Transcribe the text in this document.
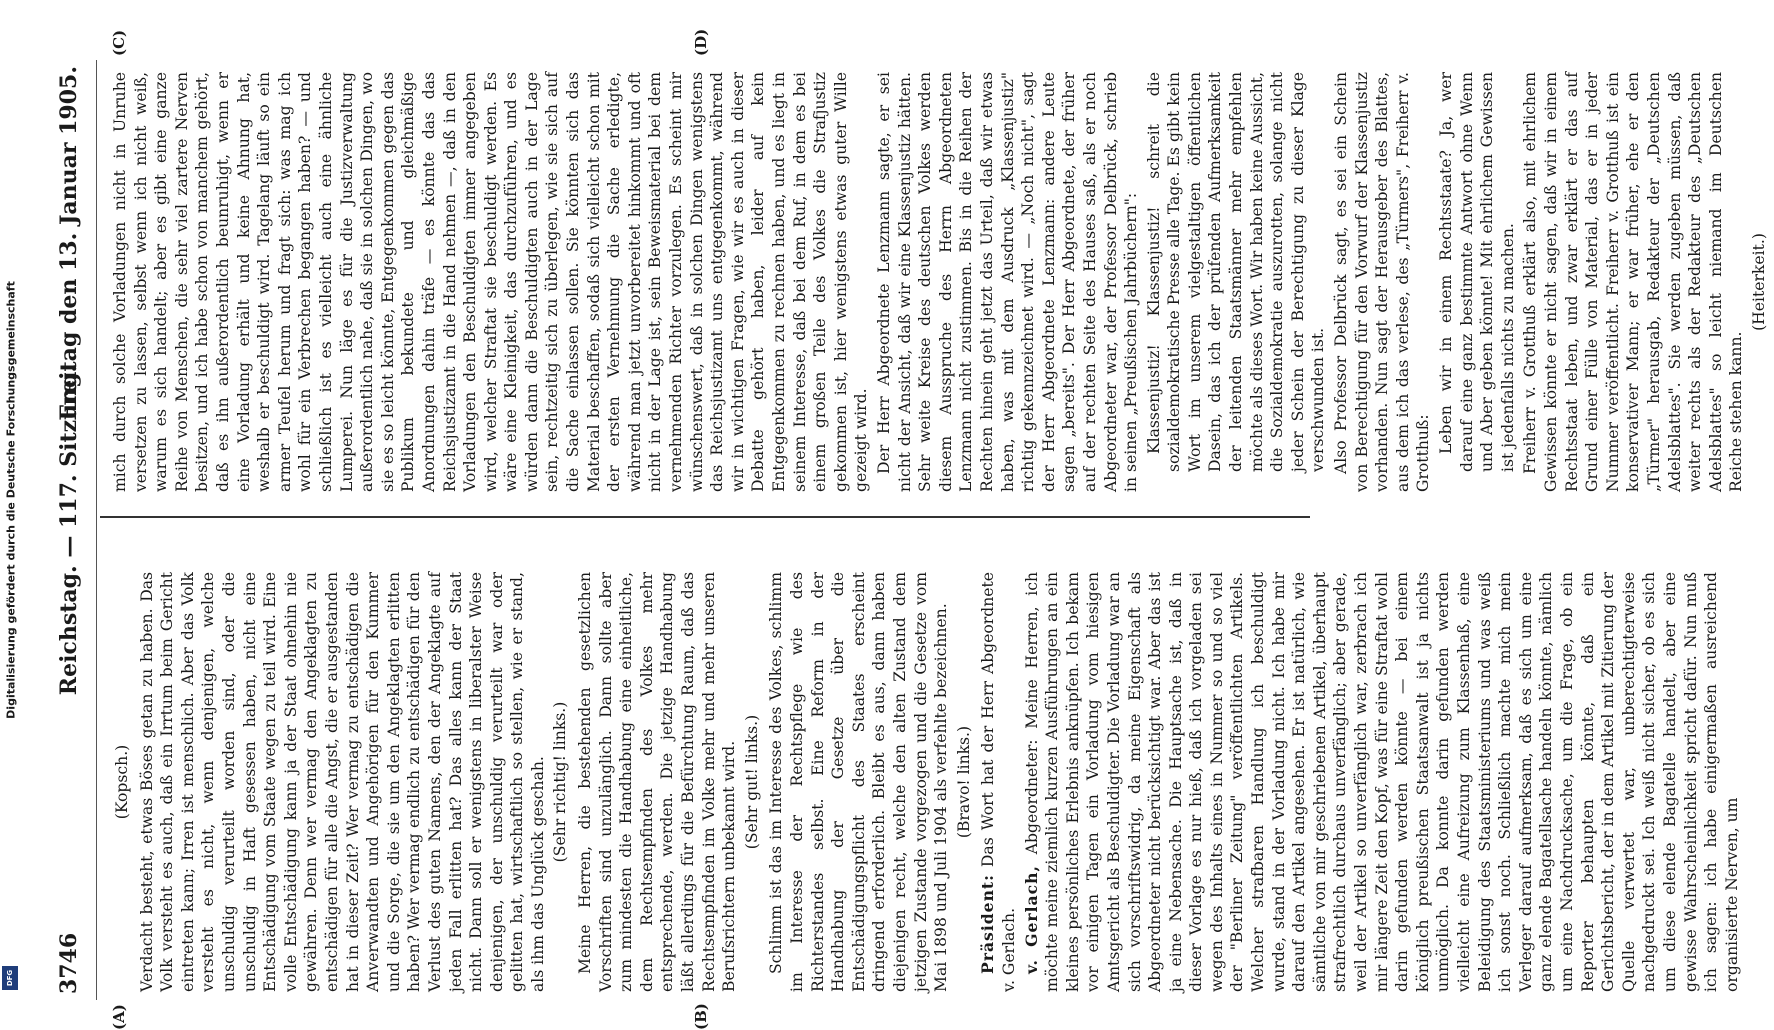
Digitalisierung gefördert durch die Deutsche Forschungsgemeinschaft
DFG 3746
Reichstag. — 117. Sitzung.
Freitag den 13. Januar 1905.
(A)	(B)
(C)	(D)

(Kopsch.) Verdacht besteht, etwas Böses getan zu haben. Das Volk versteht es auch, daß ein Irrtum beim Gericht eintreten kann; Irren ist menschlich. Aber das Volk versteht es nicht, wenn denjenigen, welche unschuldig verurteilt worden sind, oder die unschuldig in Haft gesessen haben, nicht eine Entschädigung vom Staate wegen zu teil wird. Eine volle Entschädigung kann ja der Staat ohnehin nie gewähren. Denn wer vermag den Angeklagten zu entschädigen für alle die Angst, die er ausgestanden hat in dieser Zeit? Wer vermag zu entschädigen die Anverwandten und Angehörigen für den Kummer und die Sorge, die sie um den Angeklagten erlitten haben? Wer vermag endlich zu entschädigen für den Verlust des guten Namens, den der Angeklagte auf jeden Fall erlitten hat? Das alles kann der Staat nicht. Dann soll er wenigstens in liberalster Weise denjenigen, der unschuldig verurteilt war oder gelitten hat, wirtschaftlich so stellen, wie er stand, als ihm das Unglück geschah. (Sehr richtig! links.) Meine Herren, die bestehenden gesetzlichen Vorschriften sind unzulänglich. Dann sollte aber zum mindesten die Handhabung eine einheitliche, dem Rechtsempfinden des Volkes mehr entsprechende, werden. Die jetzige Handhabung läßt allerdings für die Befürchtung Raum, daß das Rechtsempfinden im Volke mehr und mehr unseren Berufsrichtern unbekannt wird. (Sehr gut! links.) Schlimm ist das im Interesse des Volkes, schlimm im Interesse der Rechtspflege wie des Richterstandes selbst. Eine Reform in der Handhabung der Gesetze über die Entschädigungspflicht des Staates erscheint dringend erforderlich. Bleibt es aus, dann haben diejenigen recht, welche den alten Zustand dem jetzigen Zustande vorgezogen und die Gesetze vom Mai 1898 und Juli 1904 als verfehlte bezeichnen. (Bravo! links.)

Präsident: Das Wort hat der Herr Abgeordnete v. Gerlach. v. Gerlach, Abgeordneter: Meine Herren, ich möchte meine ziemlich kurzen Ausführungen an ein kleines persönliches Erlebnis anknüpfen. Ich bekam vor einigen Tagen ein Vorladung vom hiesigen Amtsgericht als Beschuldigter. Die Vorladung war an sich vorschriftswidrig, da meine Eigenschaft als Abgeordneter nicht berücksichtigt war. Aber das ist ja eine Nebensache. Die Hauptsache ist, daß in dieser Vorlage es nur hieß, daß ich vorgeladen sei wegen des Inhalts eines in Nummer so und so viel der "Berliner Zeitung" veröffentlichten Artikels. Welcher strafbaren Handlung ich beschuldigt wurde, stand in der Vorladung nicht. Ich habe mir darauf den Artikel angesehen. Er ist natürlich, wie sämtliche von mir geschriebenen Artikel, überhaupt strafrechtlich durchaus unverfänglich; aber gerade, weil der Artikel so unverfänglich war, zerbrach ich mir längere Zeit den Kopf, was für eine Straftat wohl darin gefunden werden könnte — bei einem königlich preußischen Staatsanwalt ist ja nichts unmöglich. Da konnte darin gefunden werden vielleicht eine Aufreizung zum Klassenhaß, eine Beleidigung des Staatsministeriums und was weiß ich sonst noch. Schließlich machte mich mein Verleger darauf aufmerksam, daß es sich um eine ganz elende Bagatellsache handeln könnte, nämlich um eine Nachdrucksache, um die Frage, ob ein Reporter behaupten könnte, daß ein Gerichtsbericht, der in dem Artikel mit Zitierung der Quelle verwertet war, unberechtigterweise nachgedruckt sei. Ich weiß nicht sicher, ob es sich um diese elende Bagatelle handelt, aber eine gewisse Wahrscheinlichkeit spricht dafür. Nun muß ich sagen: ich habe einigermaßen ausreichend organisierte Nerven, um

mich durch solche Vorladungen nicht in Unruhe versetzen zu lassen, selbst wenn ich nicht weiß, warum es sich handelt; aber es gibt eine ganze Reihe von Menschen, die sehr viel zartere Nerven besitzen, und ich habe schon von manchem gehört, daß es ihn außerordentlich beunruhigt, wenn er eine Vorladung erhält und keine Ahnung hat, weshalb er beschuldigt wird. Tagelang läuft so ein armer Teufel herum und fragt sich: was mag ich wohl für ein Verbrechen begangen haben? — und schließlich ist es vielleicht auch eine ähnliche Lumperei. Nun läge es für die Justizverwaltung außerordentlich nahe, daß sie in solchen Dingen, wo sie es so leicht könnte, Entgegenkommen gegen das Publikum bekundete und gleichmäßige Anordnungen dahin träfe — es könnte das das Reichsjustizamt in die Hand nehmen —, daß in den Vorladungen den Beschuldigten immer angegeben wird, welcher Straftat sie beschuldigt werden. Es wäre eine Kleinigkeit, das durchzuführen, und es würden dann die Beschuldigten auch in der Lage sein, rechtzeitig sich zu überlegen, wie sie sich auf die Sache einlassen sollen. Sie könnten sich das Material beschaffen, sodaß sich vielleicht schon mit der ersten Vernehmung die Sache erledigte, während man jetzt unvorbereitet hinkommt und oft nicht in der Lage ist, sein Beweismaterial bei dem vernehmenden Richter vorzulegen. Es scheint mir wünschenswert, daß in solchen Dingen wenigstens das Reichsjustizamt uns entgegenkommt, während wir in wichtigen Fragen, wie wir es auch in dieser Debatte gehört haben, leider auf kein Entgegenkommen zu rechnen haben, und es liegt in seinem Interesse, daß bei dem Ruf, in dem es bei einem großen Teile des Volkes die Strafjustiz gekommen ist, hier wenigstens etwas guter Wille gezeigt wird. Der Herr Abgeordnete Lenzmann sagte, er sei nicht der Ansicht, daß wir eine Klassenjustiz hätten. Sehr weite Kreise des deutschen Volkes werden diesem Ausspruche des Herrn Abgeordneten Lenzmann nicht zustimmen. Bis in die Reihen der Rechten hinein geht jetzt das Urteil, daß wir etwas haben, was mit dem Ausdruck „Klassenjustiz" richtig gekennzeichnet wird. — „Noch nicht", sagt der Herr Abgeordnete Lenzmann: andere Leute sagen „bereits". Der Herr Abgeordnete, der früher auf der rechten Seite des Hauses saß, als er noch Abgeordneter war, der Professor Delbrück, schrieb in seinen „Preußischen Jahrbüchern": Klassenjustiz! Klassenjustiz! schreit die sozialdemokratische Presse alle Tage. Es gibt kein Wort im unserem vielgestaltigen öffentlichen Dasein, das ich der prüfenden Aufmerksamkeit der leitenden Staatsmänner mehr empfehlen möchte als dieses Wort. Wir haben keine Aussicht, die Sozialdemokratie auszurotten, solange nicht jeder Schein der Berechtigung zu dieser Klage verschwunden ist. Also Professor Delbrück sagt, es sei ein Schein von Berechtigung für den Vorwurf der Klassenjustiz vorhanden. Nun sagt der Herausgeber des Blattes, aus dem ich das verlese, des „Türmers", Freiherr v. Grotthuß: Leben wir in einem Rechtsstaate? Ja, wer darauf eine ganz bestimmte Antwort ohne Wenn und Aber geben könnte! Mit ehrlichem Gewissen ist jedenfalls nichts zu machen. Freiherr v. Grotthuß erklärt also, mit ehrlichem Gewissen könnte er nicht sagen, daß wir in einem Rechtsstaat leben, und zwar erklärt er das auf Grund einer Fülle von Material, das er in jeder Nummer veröffentlicht. Freiherr v. Grotthuß ist ein konservativer Mann; er war früher, ehe er den „Türmer" herausgab, Redakteur der „Deutschen Adelsblattes". Sie werden zugeben müssen, daß weiter rechts als der Redakteur des „Deutschen Adelsblattes" so leicht niemand im Deutschen Reiche stehen kann.

(Heiterkeit.)
